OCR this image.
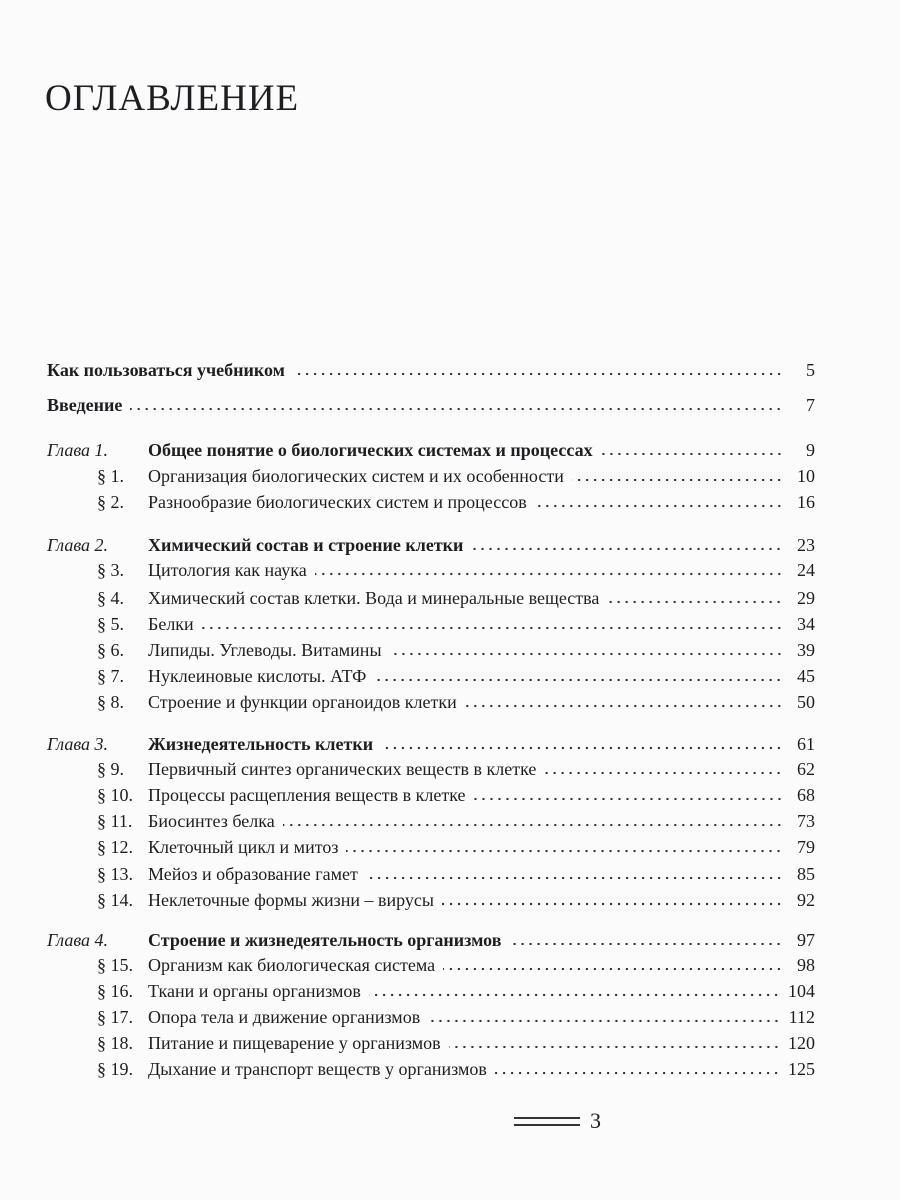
ОГЛАВЛЕНИЕ
Как пользоваться учебником	5
Введение	7
Глава 1.	Общее понятие о биологических системах и процессах	9
§ 1.	Организация биологических систем и их особенности	10
§ 2.	Разнообразие биологических систем и процессов	16
Глава 2.	Химический состав и строение клетки	23
§ 3.	Цитология как наука	24
§ 4.	Химический состав клетки. Вода и минеральные вещества	29
§ 5.	Белки	34
§ 6.	Липиды. Углеводы. Витамины	39
§ 7.	Нуклеиновые кислоты. АТФ	45
§ 8.	Строение и функции органоидов клетки	50
Глава 3.	Жизнедеятельность клетки	61
§ 9.	Первичный синтез органических веществ в клетке	62
§ 10. Процессы расщепления веществ в клетке	68
§ 11. Биосинтез белка	73
§ 12. Клеточный цикл и митоз	79
§ 13. Мейоз и образование гамет	85
§ 14. Неклеточные формы жизни – вирусы	92
Глава 4.	Строение и жизнедеятельность организмов	97
§ 15. Организм как биологическая система	98
§ 16. Ткани и органы организмов	104
§ 17. Опора тела и движение организмов	112
§ 18. Питание и пищеварение у организмов	120
§ 19. Дыхание и транспорт веществ у организмов	125
3
